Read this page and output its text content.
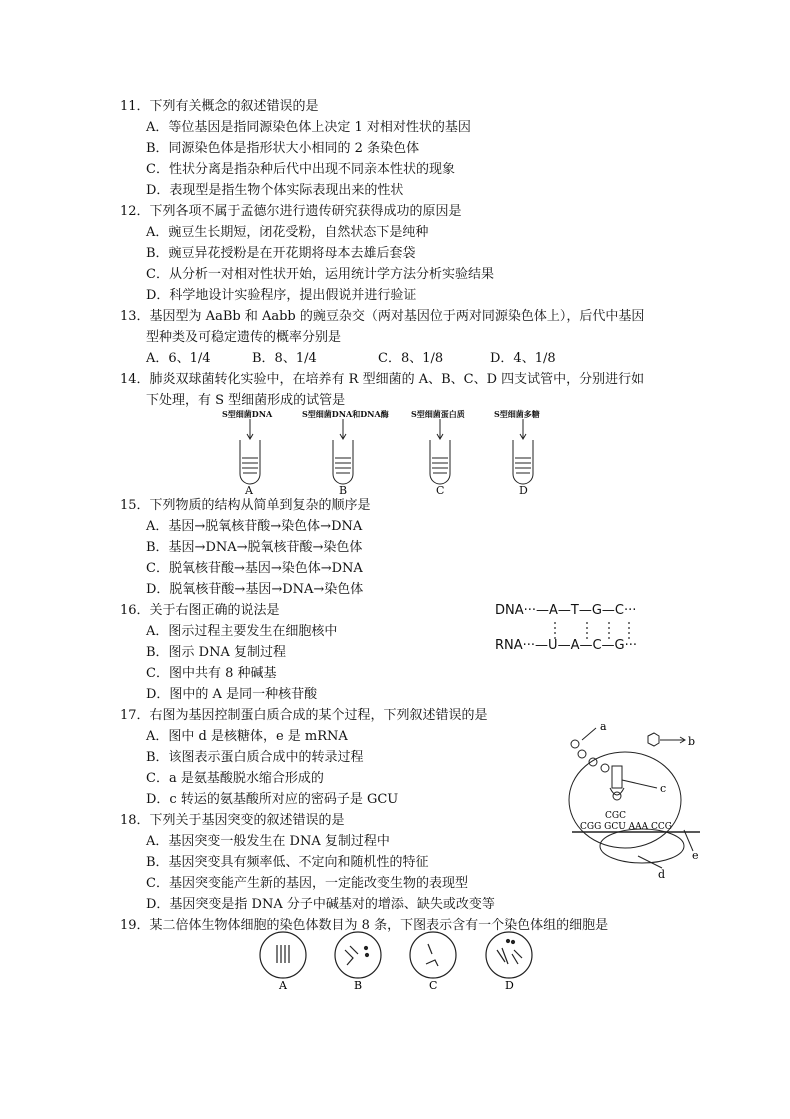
11．下列有关概念的叙述错误的是
A．等位基因是指同源染色体上决定 1 对相对性状的基因
B．同源染色体是指形状大小相同的 2 条染色体
C．性状分离是指杂种后代中出现不同亲本性状的现象
D．表现型是指生物个体实际表现出来的性状
12．下列各项不属于孟德尔进行遗传研究获得成功的原因是
A．豌豆生长期短，闭花受粉，自然状态下是纯种
B．豌豆异花授粉是在开花期将母本去雄后套袋
C．从分析一对相对性状开始，运用统计学方法分析实验结果
D．科学地设计实验程序，提出假说并进行验证
13．基因型为 AaBb 和 Aabb 的豌豆杂交（两对基因位于两对同源染色体上），后代中基因
型种类及可稳定遗传的概率分别是
A．6、1/4	B．8、1/4	C．8、1/8	D．4、1/8
14．肺炎双球菌转化实验中，在培养有 R 型细菌的 A、B、C、D 四支试管中，分别进行如
下处理，有 S 型细菌形成的试管是
S型细菌DNA	S型细菌DNA和DNA酶	S型细菌蛋白质	S型细菌多糖
A	B	C	D
15．下列物质的结构从简单到复杂的顺序是
A．基因→脱氧核苷酸→染色体→DNA
B．基因→DNA→脱氧核苷酸→染色体
C．脱氧核苷酸→基因→染色体→DNA
D．脱氧核苷酸→基因→DNA→染色体
16．关于右图正确的说法是
A．图示过程主要发生在细胞核中
B．图示 DNA 复制过程
C．图中共有 8 种碱基
D．图中的 A 是同一种核苷酸
DNA···—A—T—G—C···
RNA···—U—A—C—G···
17．右图为基因控制蛋白质合成的某个过程，下列叙述错误的是
A．图中 d 是核糖体，e 是 mRNA
B．该图表示蛋白质合成中的转录过程
C．a 是氨基酸脱水缩合形成的
D．c 转运的氨基酸所对应的密码子是 GCU
a
b
c
d
e
CGC
CGG GCU AAA CCG
18．下列关于基因突变的叙述错误的是
A．基因突变一般发生在 DNA 复制过程中
B．基因突变具有频率低、不定向和随机性的特征
C．基因突变能产生新的基因，一定能改变生物的表现型
D．基因突变是指 DNA 分子中碱基对的增添、缺失或改变等
19．某二倍体生物体细胞的染色体数目为 8 条，下图表示含有一个染色体组的细胞是
A	B	C	D
